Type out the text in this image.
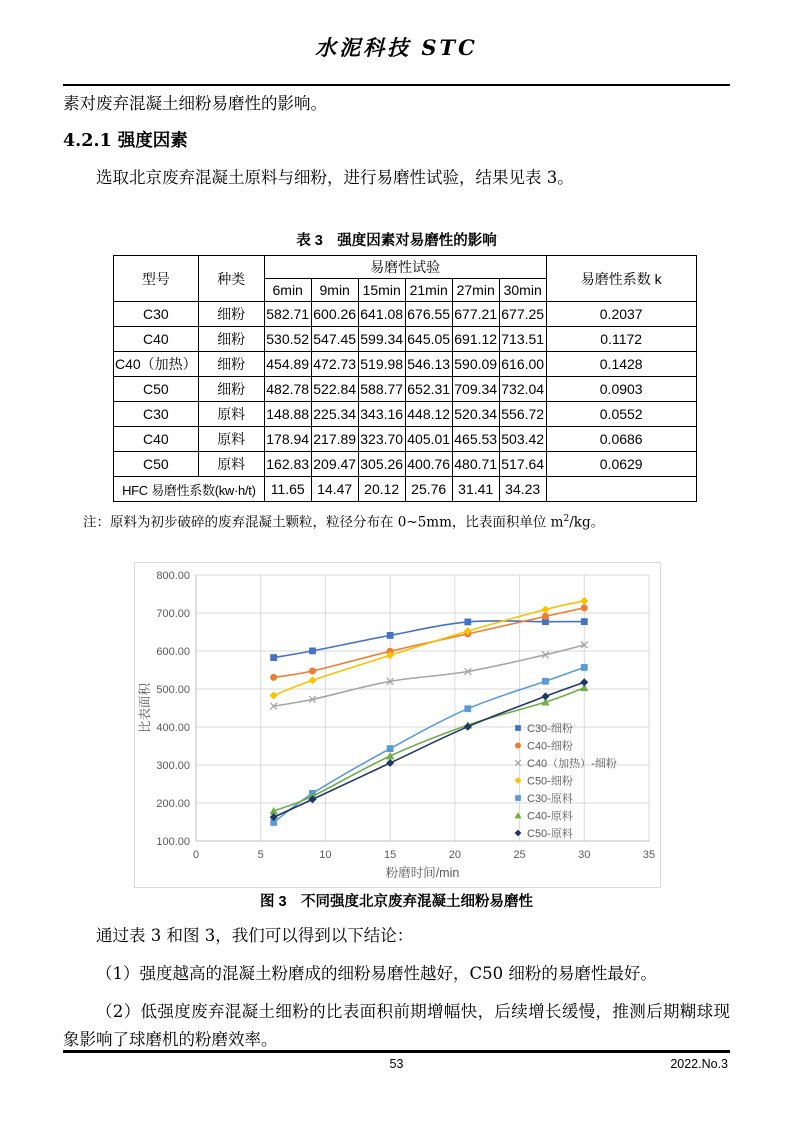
水泥科技 STC

素对废弃混凝土细粉易磨性的影响。

4.2.1 强度因素

选取北京废弃混凝土原料与细粉，进行易磨性试验，结果见表 3。

表 3　强度因素对易磨性的影响
型号	种类	易磨性试验						易磨性系数 k
		6min	9min	15min	21min	27min	30min	
C30	细粉	582.71	600.26	641.08	676.55	677.21	677.25	0.2037
C40	细粉	530.52	547.45	599.34	645.05	691.12	713.51	0.1172
C40（加热）	细粉	454.89	472.73	519.98	546.13	590.09	616.00	0.1428
C50	细粉	482.78	522.84	588.77	652.31	709.34	732.04	0.0903
C30	原料	148.88	225.34	343.16	448.12	520.34	556.72	0.0552
C40	原料	178.94	217.89	323.70	405.01	465.53	503.42	0.0686
C50	原料	162.83	209.47	305.26	400.76	480.71	517.64	0.0629
HFC 易磨性系数(kw·h/t)		11.65	14.47	20.12	25.76	31.41	34.23	
注：原料为初步破碎的废弃混凝土颗粒，粒径分布在 0~5mm，比表面积单位 $m^2/kg$。
100.00
200.00
300.00
400.00
500.00
600.00
700.00
800.00
0	5	10	15	20	25	30	35
粉磨时间/min
比表面积	C30-细粉
C40-细粉
C40（加热）-细粉
C50-细粉
C30-原料
C40-原料
C50-原料
图 3　不同强度北京废弃混凝土细粉易磨性

通过表 3 和图 3，我们可以得到以下结论：

（1）强度越高的混凝土粉磨成的细粉易磨性越好，C50 细粉的易磨性最好。

（2）低强度废弃混凝土细粉的比表面积前期增幅快，后续增长缓慢，推测后期糊球现象影响了球磨机的粉磨效率。

53	2022.No.3
